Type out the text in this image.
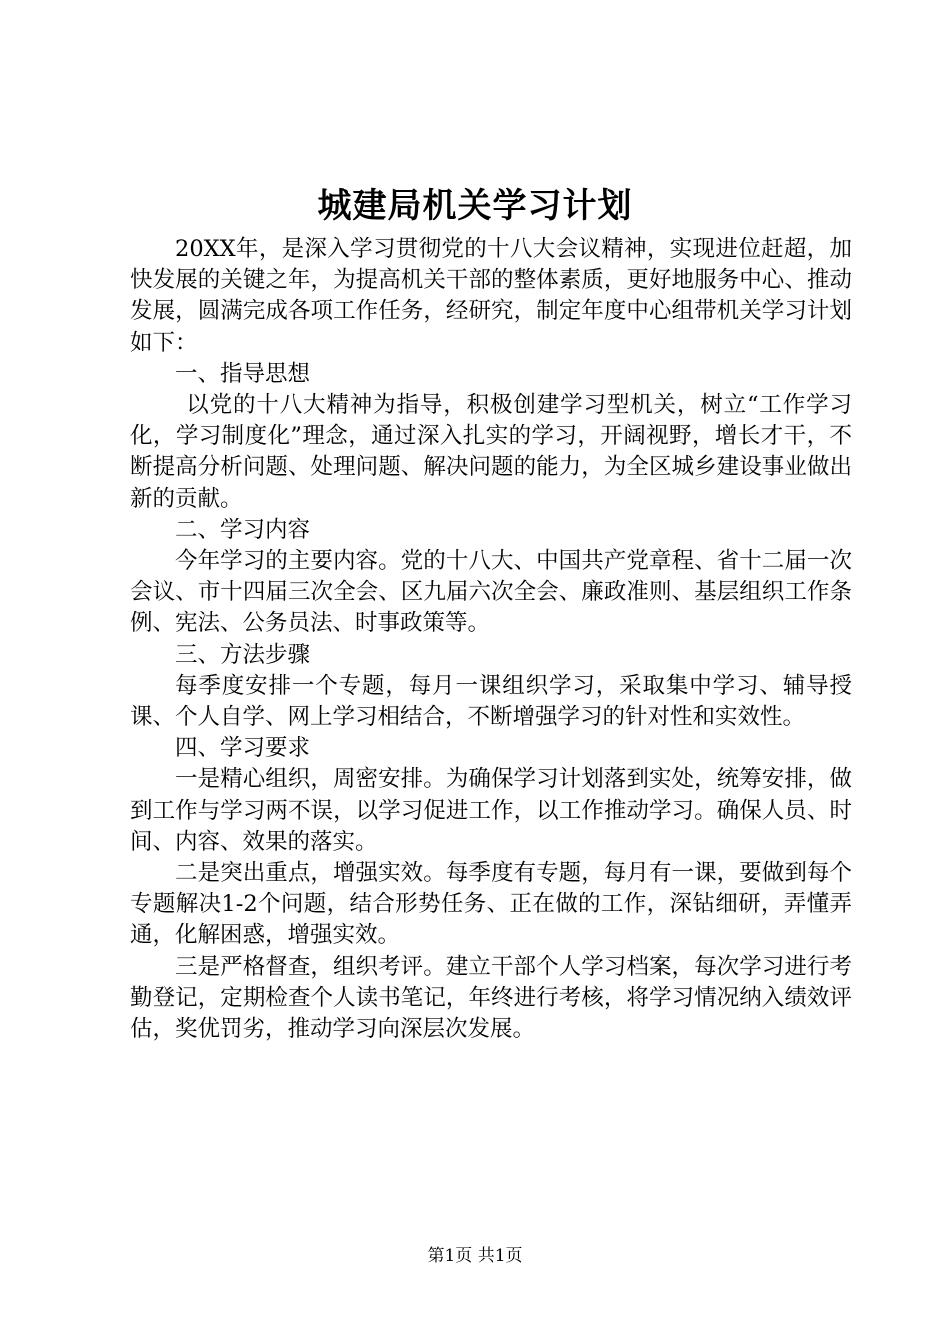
城建局机关学习计划

20XX年，是深入学习贯彻党的十八大会议精神，实现进位赶超，加快发展的关键之年，为提高机关干部的整体素质，更好地服务中心、推动发展，圆满完成各项工作任务，经研究，制定年度中心组带机关学习计划如下：

一、指导思想

以党的十八大精神为指导，积极创建学习型机关，树立“工作学习化，学习制度化”理念，通过深入扎实的学习，开阔视野，增长才干，不断提高分析问题、处理问题、解决问题的能力，为全区城乡建设事业做出新的贡献。

二、学习内容

今年学习的主要内容。党的十八大、中国共产党章程、省十二届一次会议、市十四届三次全会、区九届六次全会、廉政准则、基层组织工作条例、宪法、公务员法、时事政策等。

三、方法步骤

每季度安排一个专题，每月一课组织学习，采取集中学习、辅导授课、个人自学、网上学习相结合，不断增强学习的针对性和实效性。

四、学习要求

一是精心组织，周密安排。为确保学习计划落到实处，统筹安排，做到工作与学习两不误，以学习促进工作，以工作推动学习。确保人员、时间、内容、效果的落实。

二是突出重点，增强实效。每季度有专题，每月有一课，要做到每个专题解决1-2个问题，结合形势任务、正在做的工作，深钻细研，弄懂弄通，化解困惑，增强实效。

三是严格督查，组织考评。建立干部个人学习档案，每次学习进行考勤登记，定期检查个人读书笔记，年终进行考核，将学习情况纳入绩效评估，奖优罚劣，推动学习向深层次发展。

第1页 共1页
